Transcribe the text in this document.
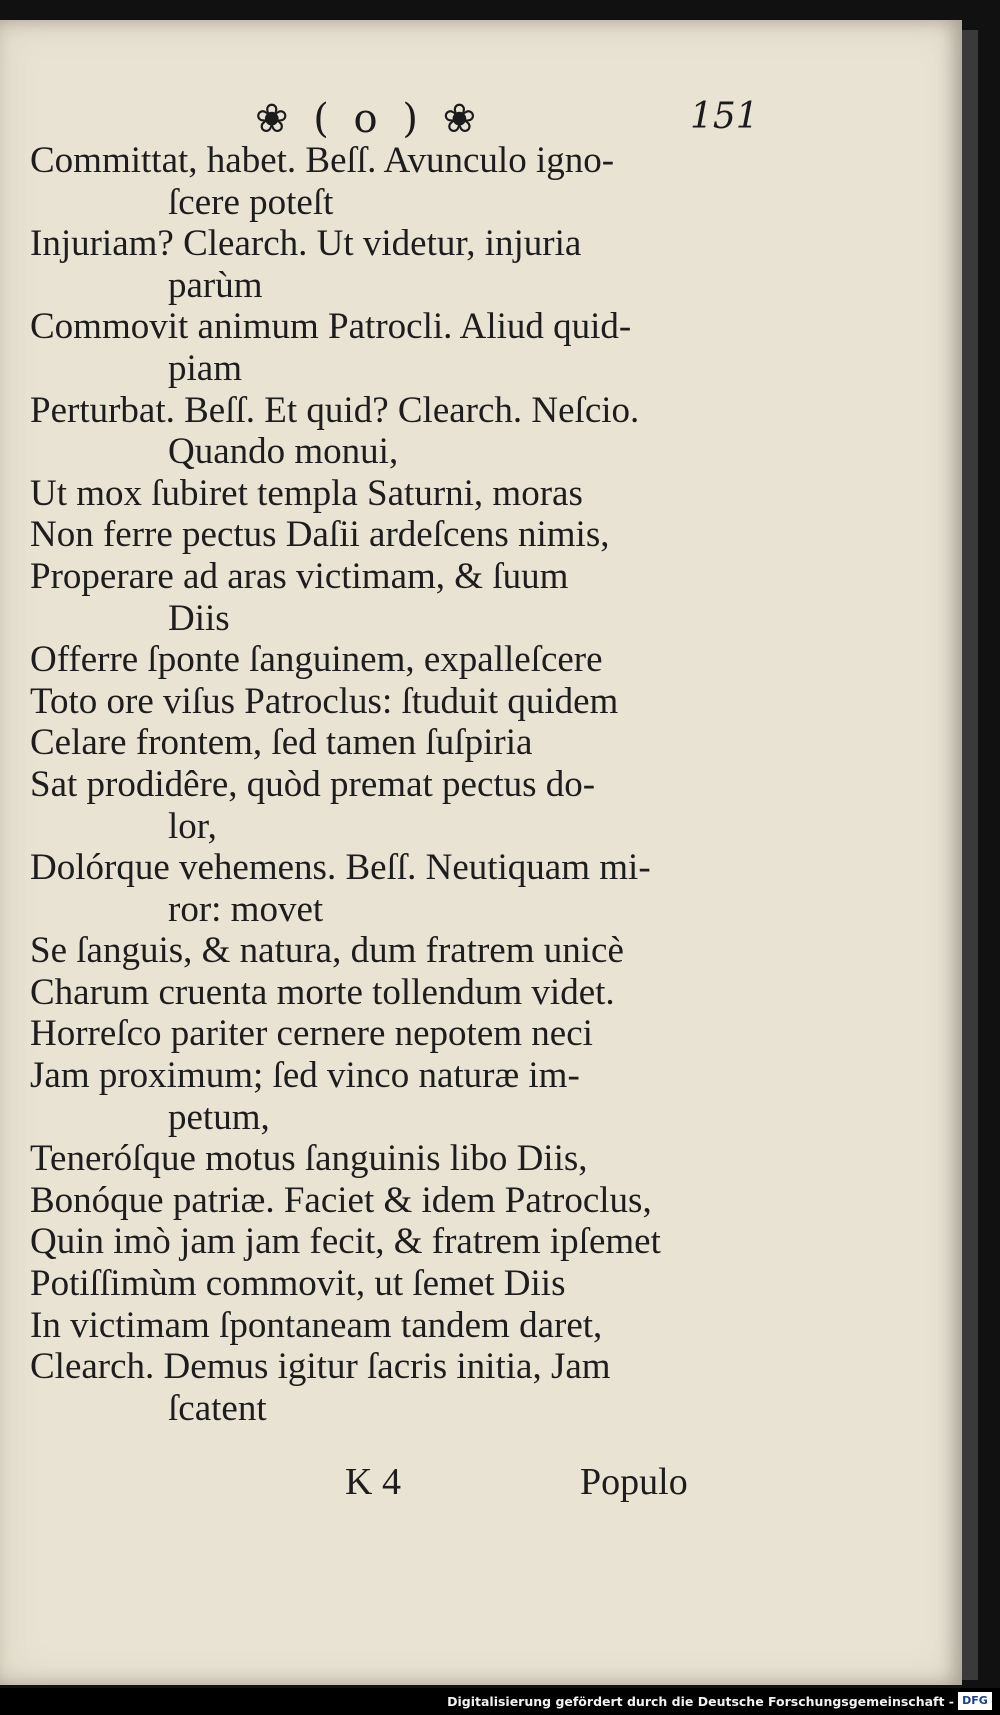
❀ ( o ) ❀	151
Committat, habet. Beſſ. Avunculo igno-
ſcere poteſt
Injuriam? Clearch. Ut videtur, injuria
parùm
Commovit animum Patrocli. Aliud quid-
piam
Perturbat. Beſſ. Et quid? Clearch. Neſcio.
Quando monui,
Ut mox ſubiret templa Saturni, moras
Non ferre pectus Daſii ardeſcens nimis,
Properare ad aras victimam, & ſuum
Diis
Offerre ſponte ſanguinem, expalleſcere
Toto ore viſus Patroclus: ſtuduit quidem
Celare frontem, ſed tamen ſuſpiria
Sat prodidêre, quòd premat pectus do-
lor,
Dolórque vehemens. Beſſ. Neutiquam mi-
ror: movet
Se ſanguis, & natura, dum fratrem unicè
Charum cruenta morte tollendum videt.
Horreſco pariter cernere nepotem neci
Jam proximum; ſed vinco naturæ im-
petum,
Teneróſque motus ſanguinis libo Diis,
Bonóque patriæ. Faciet & idem Patroclus,
Quin imò jam jam fecit, & fratrem ipſemet
Potiſſimùm commovit, ut ſemet Diis
In victimam ſpontaneam tandem daret,
Clearch. Demus igitur ſacris initia, Jam
ſcatent
K 4	Populo
Digitalisierung gefördert durch die Deutsche Forschungsgemeinschaft - DFG
